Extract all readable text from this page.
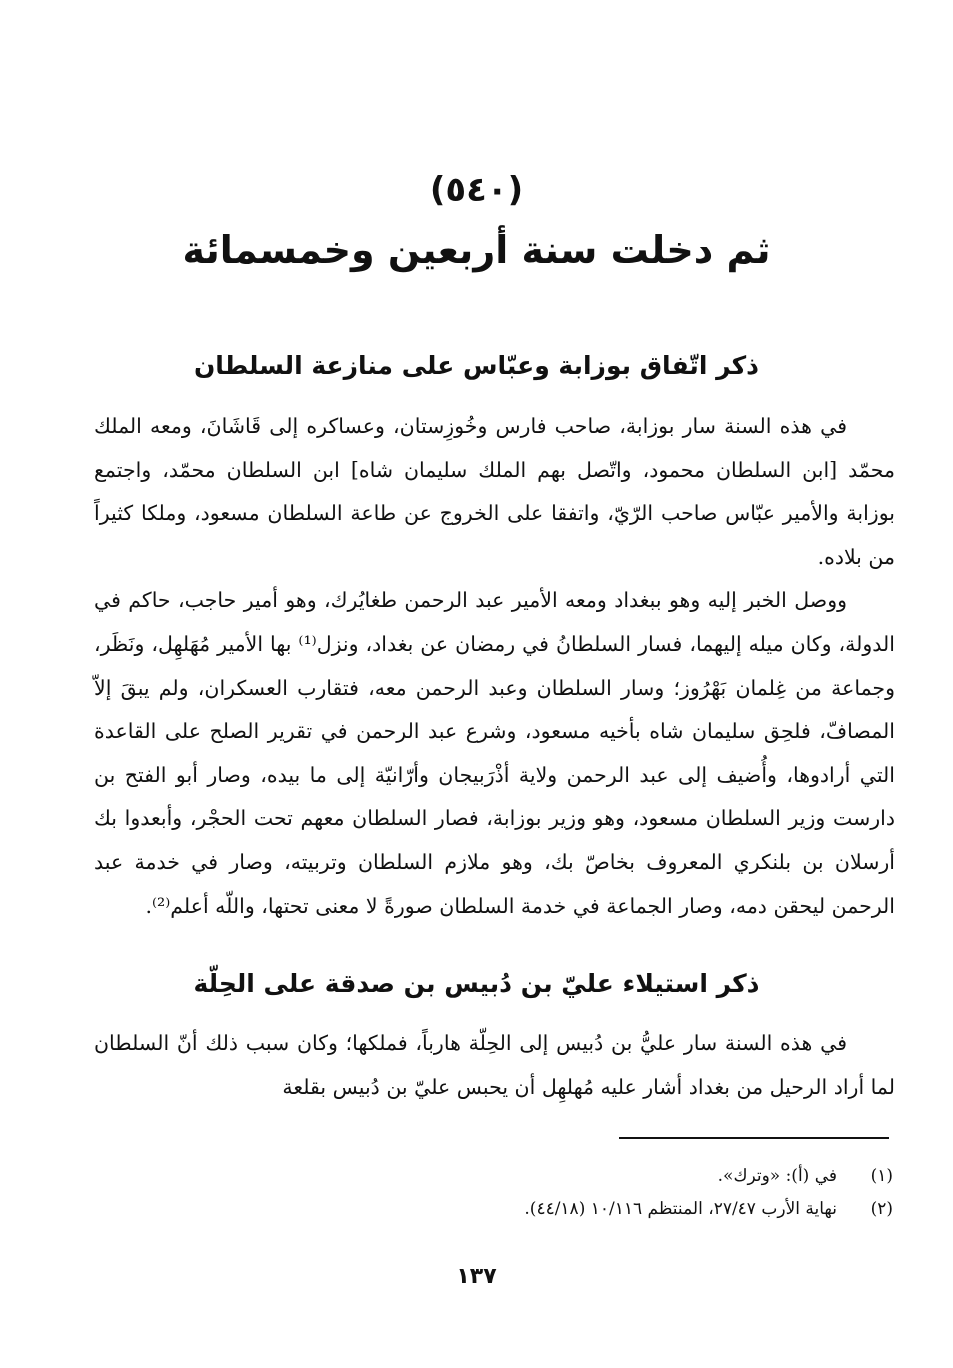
(٥٤٠)
ثم دخلت سنة أربعين وخمسمائة
ذكر اتّفاق بوزابة وعبّاس على منازعة السلطان

في هذه السنة سار بوزابة، صاحب فارس وخُوزِستان، وعساكره إلى قَاشَانَ، ومعه الملك محمّد [ابن السلطان محمود، واتّصل بهم الملك سليمان شاه] ابن السلطان محمّد، واجتمع بوزابة والأمير عبّاس صاحب الرّيّ، واتفقا على الخروج عن طاعة السلطان مسعود، وملكا كثيراً من بلاده.

ووصل الخبر إليه وهو ببغداد ومعه الأمير عبد الرحمن طغايُرك، وهو أمير حاجب، حاكم في الدولة، وكان ميله إليهما، فسار السلطانُ في رمضان عن بغداد، ونزل⁽¹⁾ بها الأمير مُهَلهِل، ونَظَر، وجماعة من غِلمان بَهْرُوز؛ وسار السلطان وعبد الرحمن معه، فتقارب العسكران، ولم يبقَ إلاّ المصافّ، فلحِق سليمان شاه بأخيه مسعود، وشرع عبد الرحمن في تقرير الصلح على القاعدة التي أرادوها، وأُضيف إلى عبد الرحمن ولاية أذْرَبيجان وأرّانيّة إلى ما بيده، وصار أبو الفتح بن دارست وزير السلطان مسعود، وهو وزير بوزابة، فصار السلطان معهم تحت الحجْر، وأبعدوا بك أرسلان بن بلنكري المعروف بخاصّ بك، وهو ملازم السلطان وتربيته، وصار في خدمة عبد الرحمن ليحقن دمه، وصار الجماعة في خدمة السلطان صورةً لا معنى تحتها، واللّه أعلم⁽²⁾.

ذكر استيلاء عليّ بن دُبيس بن صدقة على الحِلّة

في هذه السنة سار عليُّ بن دُبيس إلى الحِلّة هارباً، فملكها؛ وكان سبب ذلك أنّ السلطان لما أراد الرحيل من بغداد أشار عليه مُهلهِل أن يحبس عليّ بن دُبيس بقلعة

(١)
في (أ): «وترك».
(٢)
نهاية الأرب ٢٧/٤٧، المنتظم ١٠/١١٦ (٤٤/١٨).
١٣٧
